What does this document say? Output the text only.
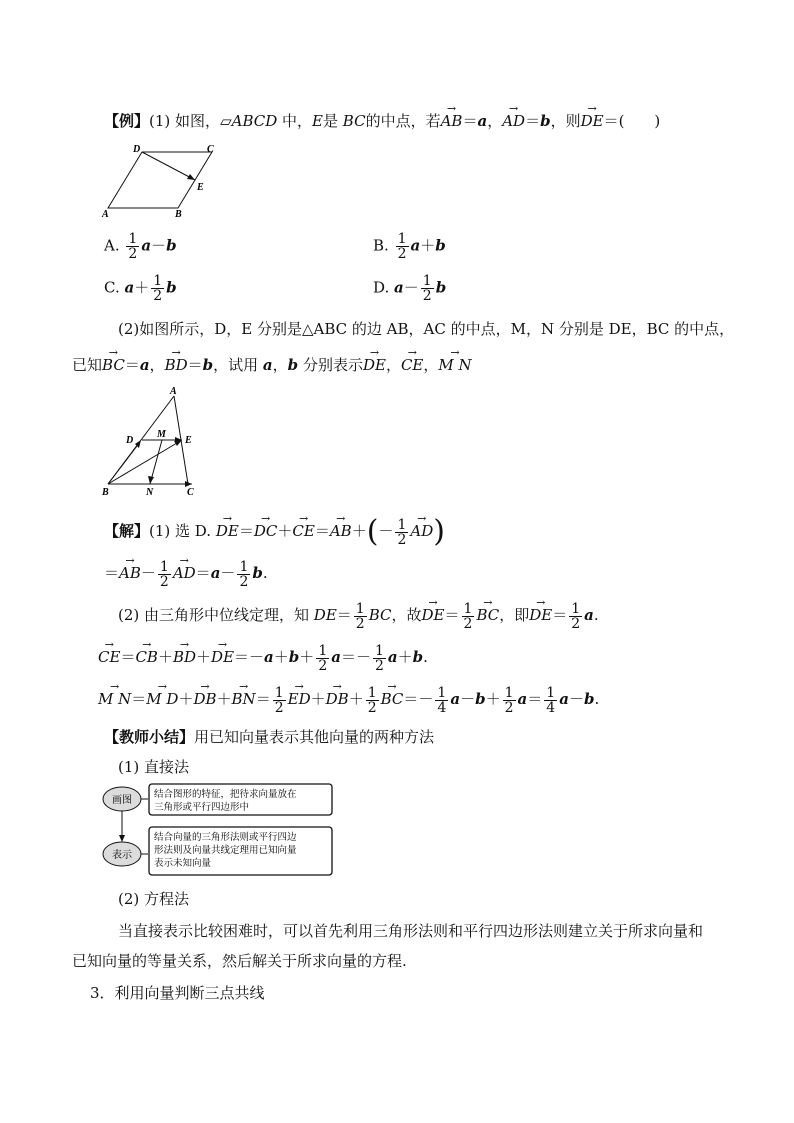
【例】(1) 如图，▱ABCD 中，E是 BC的中点，若→ AB＝a，→ AD＝b，则→ DE＝(　　)
A	B
C
D
E
A. $\frac{1}{2} a-b$	B. $\frac{1}{2} a+b$
C. $a+ \frac{1}{2}$ b	D. $a- \frac{1}{2}$ b
(2)如图所示，D，E 分别是△ABC 的边 AB，AC 的中点，M，N 分别是 DE，BC 的中点，
已知→ BC＝a，→ BD＝b，试用 a，b 分别表示→ DE，→ CE，→ M N
A
B	C
D	E
M
N
【解】(1) 选 D. → $DE=\to DC+\to CE=\to AB+(- \frac{1}{2}$
→ AD)
＝→ $AB- \frac{1}{2}$
→ $AD=a- \frac{1}{2} b$.
(2) 由三角形中位线定理，知 $DE= \frac{1}{2}$ BC，故→ $DE= \frac{1}{2}$
→ BC，即→ $DE= \frac{1}{2} a$.
→ $CE=\to CB+\to BD+\to DE=-a+b+ \frac{1}{2} a=- \frac{1}{2} a+b$.
→ M N＝→ M $D+\to DB+\to BN= \frac{1}{2}$
→ $ED+\to DB+ \frac{1}{2}$
→ $BC=- \frac{1}{4} a-b+ \frac{1}{2} a= \frac{1}{4} a-b$.
【教师小结】用已知向量表示其他向量的两种方法
(1) 直接法
画图
表示
结合图形的特征，把待求向量放在
三角形或平行四边形中
结合向量的三角形法则或平行四边
形法则及向量共线定理用已知向量
表示未知向量
(2) 方程法
当直接表示比较困难时，可以首先利用三角形法则和平行四边形法则建立关于所求向量和
已知向量的等量关系，然后解关于所求向量的方程.
3．利用向量判断三点共线
